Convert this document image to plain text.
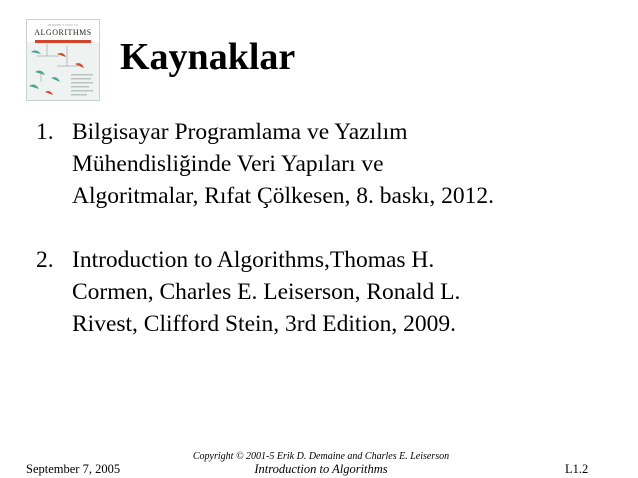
INTRODUCTION TO
ALGORITHMS
Kaynaklar
1. Bilgisayar Programlama ve Yazılım
Mühendisliğinde Veri Yapıları ve
Algoritmalar, Rıfat Çölkesen, 8. baskı, 2012.
2. Introduction to Algorithms,Thomas H.
Cormen, Charles E. Leiserson, Ronald L.
Rivest, Clifford Stein, 3rd Edition, 2009.
September 7, 2005
Copyright © 2001-5 Erik D. Demaine and Charles E. Leiserson
Introduction to Algorithms	L1.2
